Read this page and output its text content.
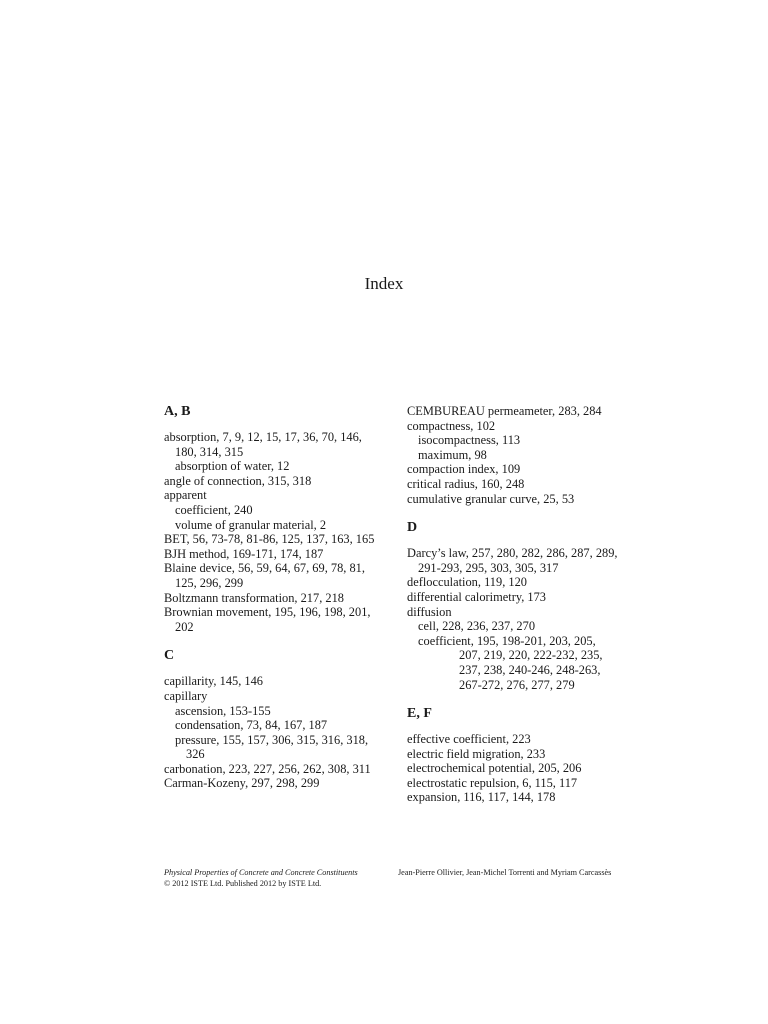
Index
A, B
absorption, 7, 9, 12, 15, 17, 36, 70, 146, 180, 314, 315
absorption of water, 12
angle of connection, 315, 318
apparent
coefficient, 240
volume of granular material, 2
BET, 56, 73-78, 81-86, 125, 137, 163, 165
BJH method, 169-171, 174, 187
Blaine device, 56, 59, 64, 67, 69, 78, 81, 125, 296, 299
Boltzmann transformation, 217, 218
Brownian movement, 195, 196, 198, 201, 202
C
capillarity, 145, 146
capillary
ascension, 153-155
condensation, 73, 84, 167, 187
pressure, 155, 157, 306, 315, 316, 318, 326
carbonation, 223, 227, 256, 262, 308, 311
Carman-Kozeny, 297, 298, 299
CEMBUREAU permeameter, 283, 284
compactness, 102
isocompactness, 113
maximum, 98
compaction index, 109
critical radius, 160, 248
cumulative granular curve, 25, 53
D
Darcy’s law, 257, 280, 282, 286, 287, 289, 291-293, 295, 303, 305, 317
deflocculation, 119, 120
differential calorimetry, 173
diffusion
cell, 228, 236, 237, 270
coefficient, 195, 198-201, 203, 205,
207, 219, 220, 222-232, 235,
237, 238, 240-246, 248-263,
267-272, 276, 277, 279
E, F
effective coefficient, 223
electric field migration, 233
electrochemical potential, 205, 206
electrostatic repulsion, 6, 115, 117
expansion, 116, 117, 144, 178
Physical Properties of Concrete and Concrete Constituents
© 2012 ISTE Ltd. Published 2012 by ISTE Ltd.
Jean-Pierre Ollivier, Jean-Michel Torrenti and Myriam Carcassès
